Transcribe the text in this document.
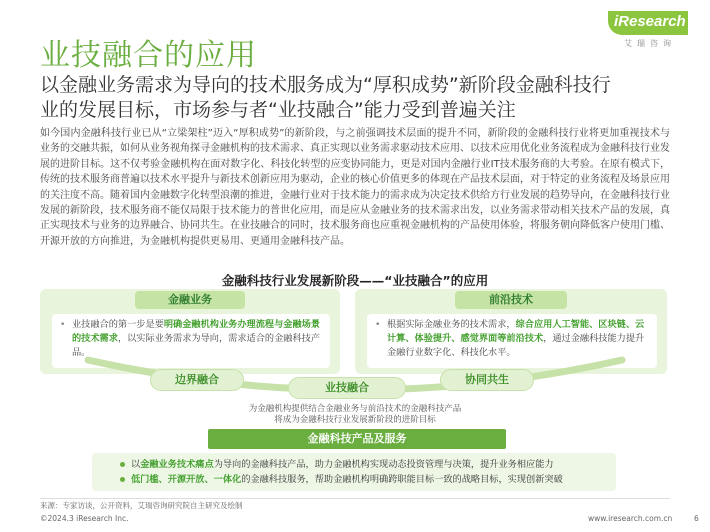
业技融合的应用
iResearch
艾瑞咨询
以金融业务需求为导向的技术服务成为“厚积成势”新阶段金融科技行
业的发展目标，市场参与者“业技融合”能力受到普遍关注

如今国内金融科技行业已从“立梁架柱”迈入“厚积成势”的新阶段，与之前强调技术层面的提升不同，新阶段的金融科技行业将更加重视技术与业务的交融共振，如何从业务视角探寻金融机构的技术需求、真正实现以业务需求驱动技术应用、以技术应用优化业务流程成为金融科技行业发展的进阶目标。这不仅考验金融机构在面对数字化、科技化转型的应变协同能力，更是对国内金融行业IT技术服务商的大考验。在原有模式下，传统的技术服务商普遍以技术水平提升与新技术创新应用为驱动，企业的核心价值更多的体现在产品技术层面，对于特定的业务流程及场景应用的关注度不高。随着国内金融数字化转型浪潮的推进，金融行业对于技术能力的需求成为决定技术供给方行业发展的趋势导向，在金融科技行业发展的新阶段，技术服务商不能仅局限于技术能力的普世化应用，而是应从金融业务的技术需求出发，以业务需求带动相关技术产品的发展，真正实现技术与业务的边界融合、协同共生。在业技融合的同时，技术服务商也应重视金融机构的产品使用体验，将服务朝向降低客户使用门槛、开源开放的方向推进，为金融机构提供更易用、更通用金融科技产品。

金融科技行业发展新阶段——“业技融合”的应用
金融业务
• 业技融合的第一步是要明确金融机构业务办理流程与金融场景的技术需求，以实际业务需求为导向，需求适合的金融科技产品。
前沿技术
• 根据实际金融业务的技术需求，综合应用人工智能、区块链、云计算、体验提升、感觉界面等前沿技术，通过金融科技能力提升金融行业数字化、科技化水平。
边界融合
业技融合
协同共生
为金融机构提供结合金融业务与前沿技术的金融科技产品
将成为金融科技行业发展新阶段的进阶目标
金融科技产品及服务
以金融业务技术痛点为导向的金融科技产品，助力金融机构实现动态投资管理与决策，提升业务相应能力
低门槛、开源开放、一体化的金融科技服务，帮助金融机构明确跨职能目标一致的战略目标，实现创新突破
来源：专家访谈，公开资料，艾瑞咨询研究院自主研究及绘制
©2024.3 iResearch Inc.	www.iresearch.com.cn	6
